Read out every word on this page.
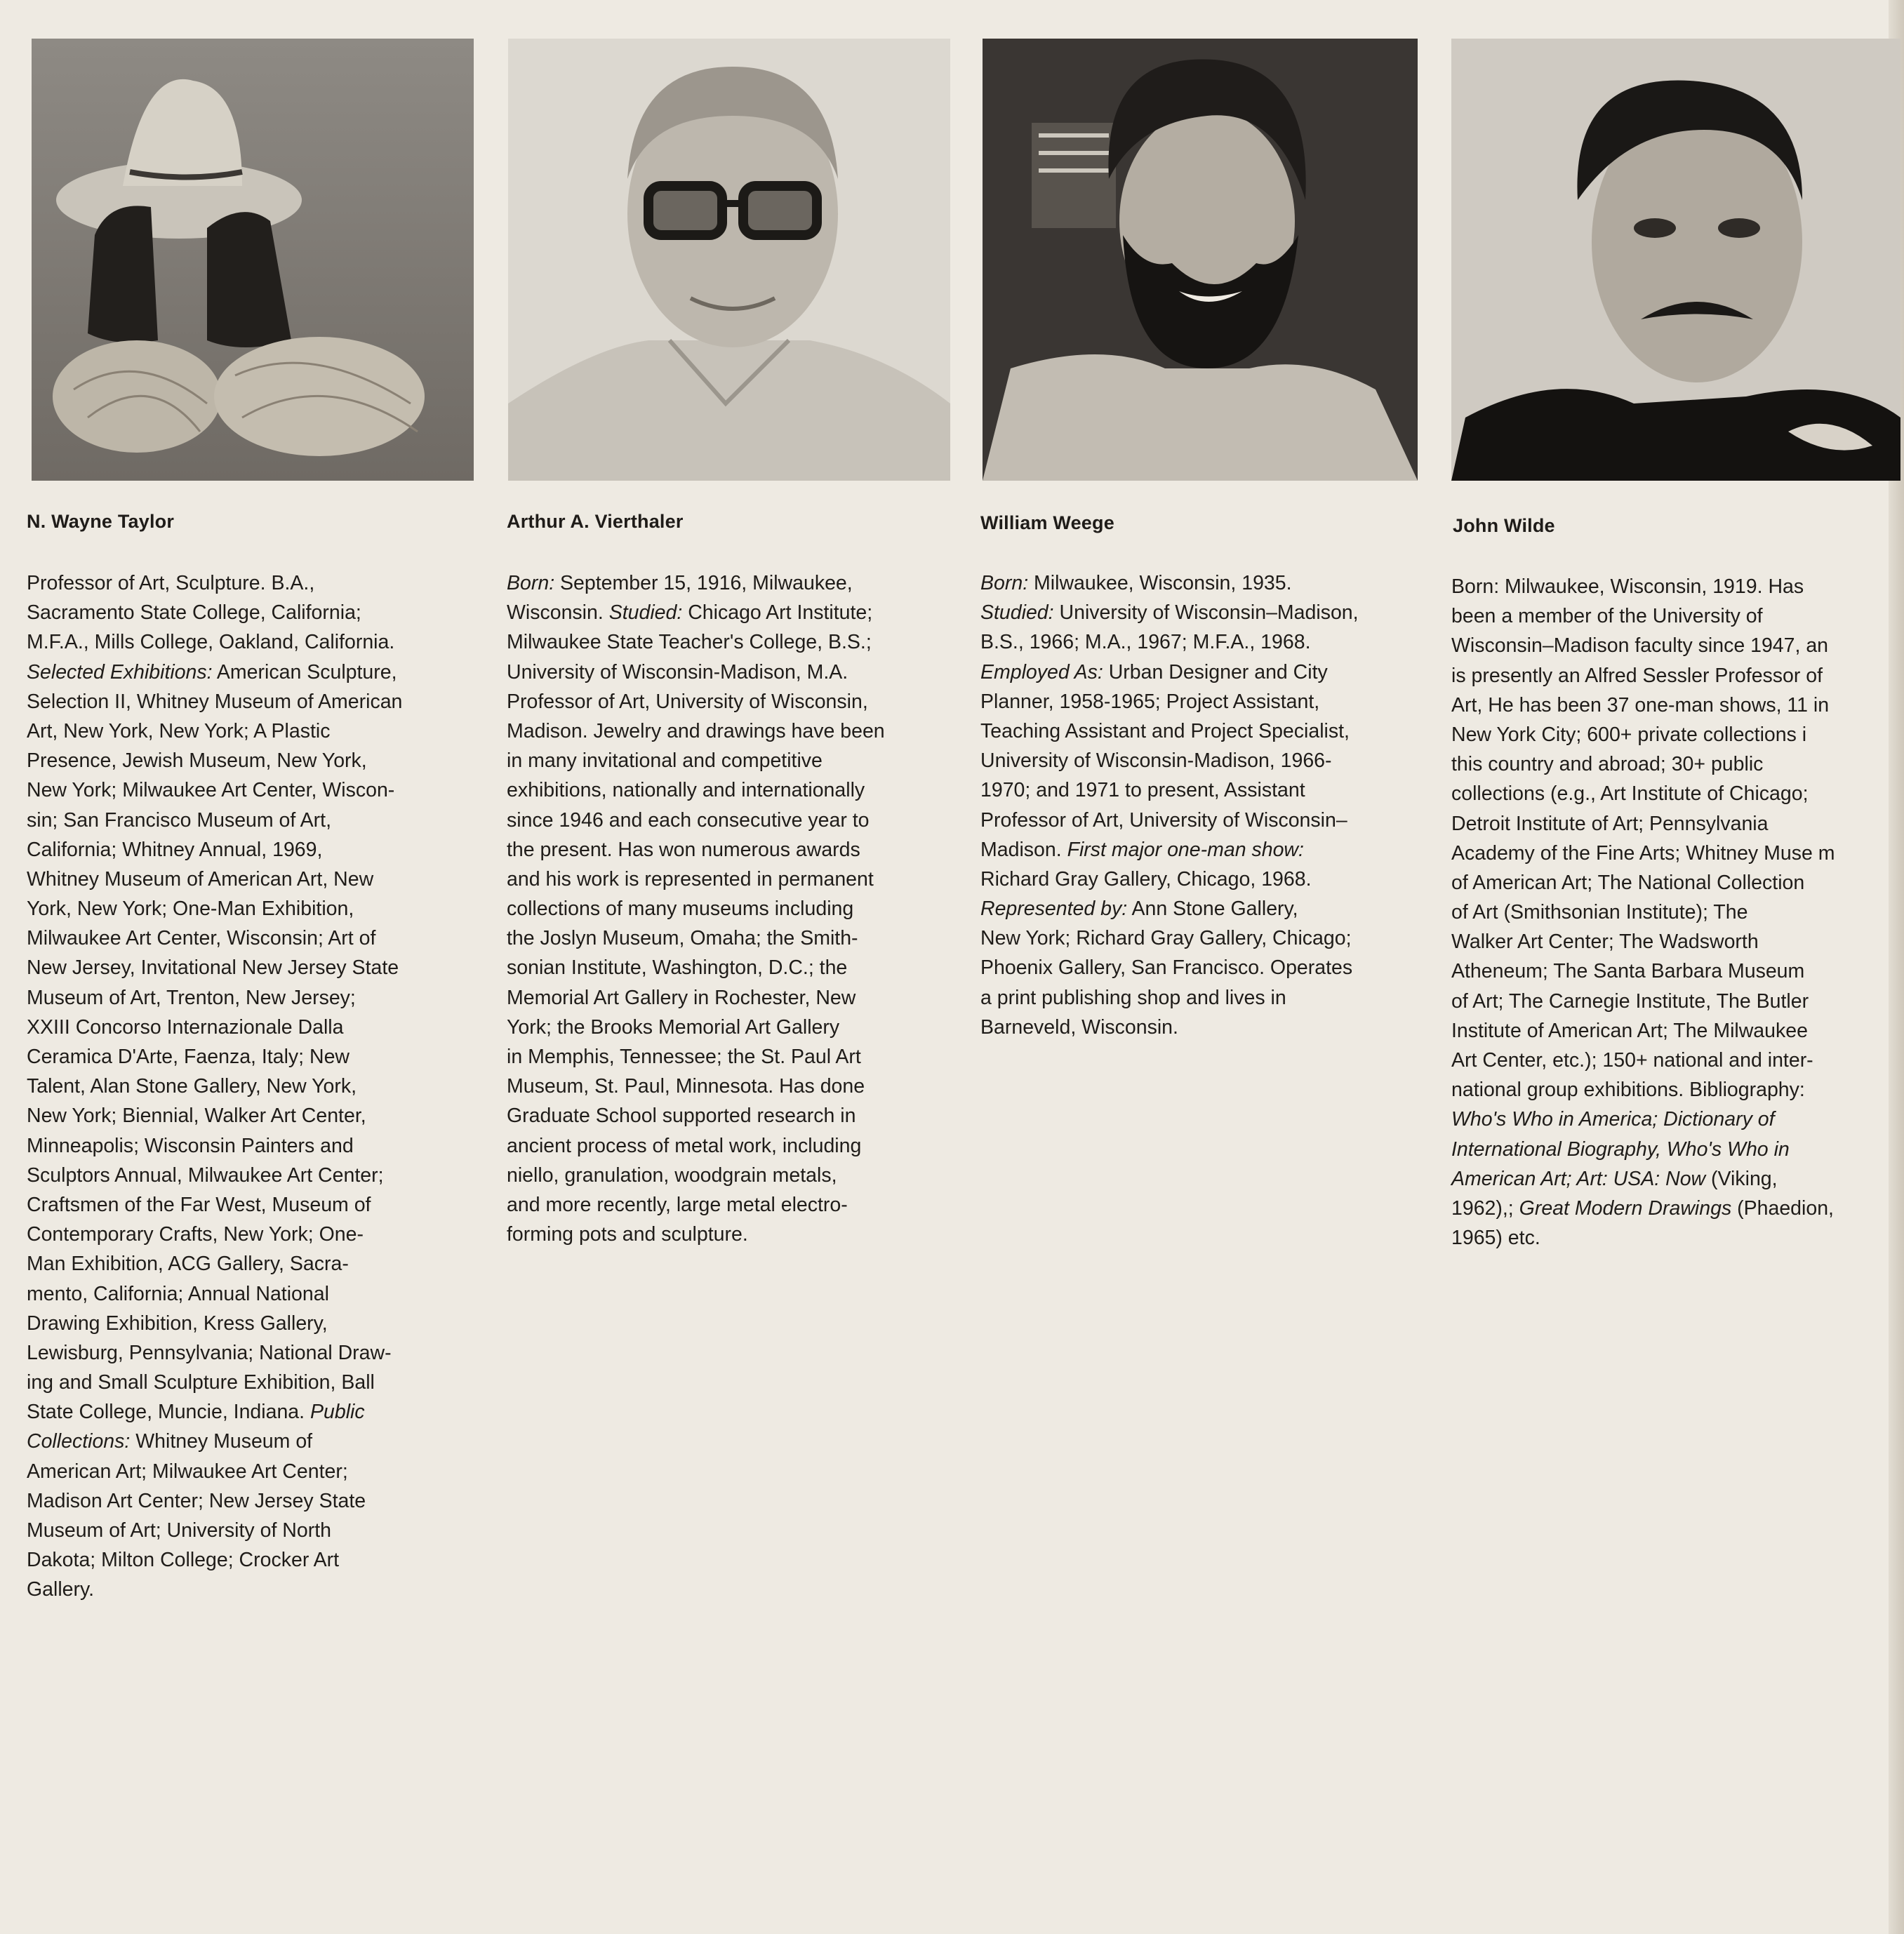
N. Wayne Taylor	Arthur A. Vierthaler	William Weege	John Wilde
Professor of Art, Sculpture. B.A.,
Sacramento State College, California;
M.F.A., Mills College, Oakland, California.
Selected Exhibitions: American Sculpture,
Selection II, Whitney Museum of American
Art, New York, New York; A Plastic
Presence, Jewish Museum, New York,
New York; Milwaukee Art Center, Wiscon-
sin; San Francisco Museum of Art,
California; Whitney Annual, 1969,
Whitney Museum of American Art, New
York, New York; One-Man Exhibition,
Milwaukee Art Center, Wisconsin; Art of
New Jersey, Invitational New Jersey State
Museum of Art, Trenton, New Jersey;
XXIII Concorso Internazionale Dalla
Ceramica D'Arte, Faenza, Italy; New
Talent, Alan Stone Gallery, New York,
New York; Biennial, Walker Art Center,
Minneapolis; Wisconsin Painters and
Sculptors Annual, Milwaukee Art Center;
Craftsmen of the Far West, Museum of
Contemporary Crafts, New York; One-
Man Exhibition, ACG Gallery, Sacra-
mento, California; Annual National
Drawing Exhibition, Kress Gallery,
Lewisburg, Pennsylvania; National Draw-
ing and Small Sculpture Exhibition, Ball
State College, Muncie, Indiana. Public
Collections: Whitney Museum of
American Art; Milwaukee Art Center;
Madison Art Center; New Jersey State
Museum of Art; University of North
Dakota; Milton College; Crocker Art
Gallery.
Born: September 15, 1916, Milwaukee,
Wisconsin. Studied: Chicago Art Institute;
Milwaukee State Teacher's College, B.S.;
University of Wisconsin-Madison, M.A.
Professor of Art, University of Wisconsin,
Madison. Jewelry and drawings have been
in many invitational and competitive
exhibitions, nationally and internationally
since 1946 and each consecutive year to
the present. Has won numerous awards
and his work is represented in permanent
collections of many museums including
the Joslyn Museum, Omaha; the Smith-
sonian Institute, Washington, D.C.; the
Memorial Art Gallery in Rochester, New
York; the Brooks Memorial Art Gallery
in Memphis, Tennessee; the St. Paul Art
Museum, St. Paul, Minnesota. Has done
Graduate School supported research in
ancient process of metal work, including
niello, granulation, woodgrain metals,
and more recently, large metal electro-
forming pots and sculpture.
Born: Milwaukee, Wisconsin, 1935.
Studied: University of Wisconsin–Madison,
B.S., 1966; M.A., 1967; M.F.A., 1968.
Employed As: Urban Designer and City
Planner, 1958-1965; Project Assistant,
Teaching Assistant and Project Specialist,
University of Wisconsin-Madison, 1966-
1970; and 1971 to present, Assistant
Professor of Art, University of Wisconsin–
Madison. First major one-man show:
Richard Gray Gallery, Chicago, 1968.
Represented by: Ann Stone Gallery,
New York; Richard Gray Gallery, Chicago;
Phoenix Gallery, San Francisco. Operates
a print publishing shop and lives in
Barneveld, Wisconsin.
Born: Milwaukee, Wisconsin, 1919. Has
been a member of the University of
Wisconsin–Madison faculty since 1947, an
is presently an Alfred Sessler Professor of
Art, He has been 37 one-man shows, 11 in
New York City; 600+ private collections i
this country and abroad; 30+ public
collections (e.g., Art Institute of Chicago;
Detroit Institute of Art; Pennsylvania
Academy of the Fine Arts; Whitney Muse m
of American Art; The National Collection
of Art (Smithsonian Institute); The
Walker Art Center; The Wadsworth
Atheneum; The Santa Barbara Museum
of Art; The Carnegie Institute, The Butler
Institute of American Art; The Milwaukee
Art Center, etc.); 150+ national and inter-
national group exhibitions. Bibliography:
Who's Who in America; Dictionary of
International Biography, Who's Who in
American Art; Art: USA: Now (Viking,
1962),; Great Modern Drawings (Phaedion,
1965) etc.
